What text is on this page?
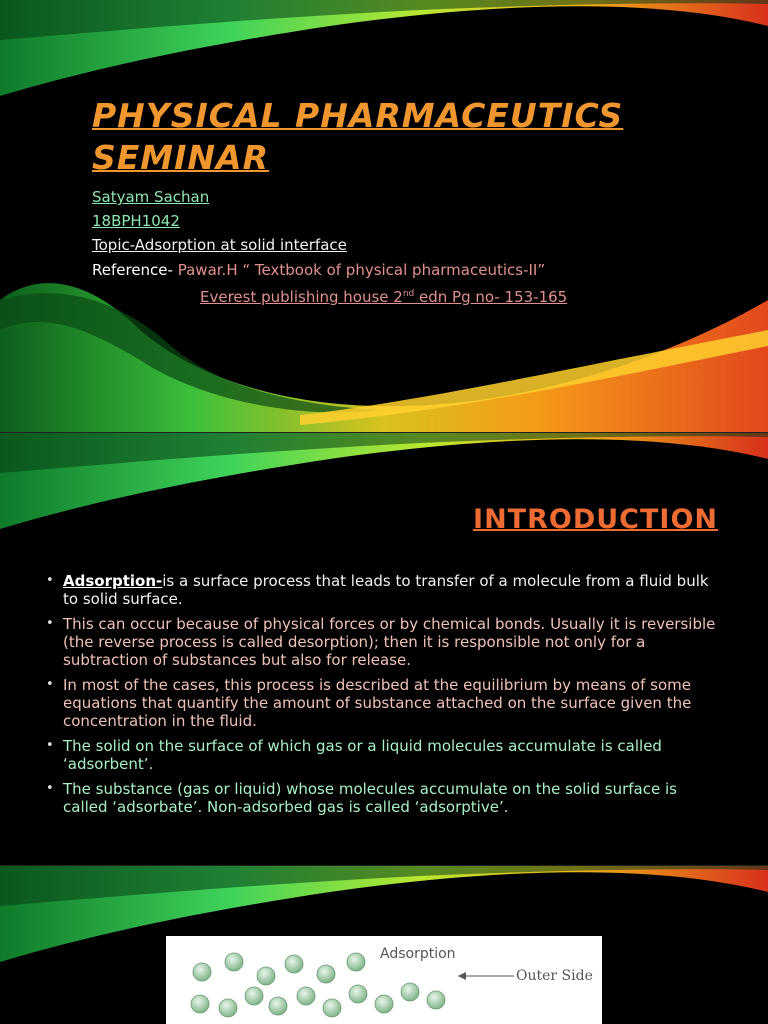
PHYSICAL PHARMACEUTICS SEMINAR
Satyam Sachan
18BPH1042
Topic-Adsorption at solid interface
Reference- Pawar.H “ Textbook of physical pharmaceutics-II”
Everest publishing house 2nd edn Pg no- 153-165
INTRODUCTION
• Adsorption-is a surface process that leads to transfer of a molecule from a fluid bulk to solid surface.
• This can occur because of physical forces or by chemical bonds. Usually it is reversible (the reverse process is called desorption); then it is responsible not only for a subtraction of substances but also for release.
• In most of the cases, this process is described at the equilibrium by means of some equations that quantify the amount of substance attached on the surface given the concentration in the fluid.
• The solid on the surface of which gas or a liquid molecules accumulate is called ‘adsorbent’.
• The substance (gas or liquid) whose molecules accumulate on the solid surface is called ‘adsorbate’. Non-adsorbed gas is called ‘adsorptive’.
Adsorption
Outer Side
